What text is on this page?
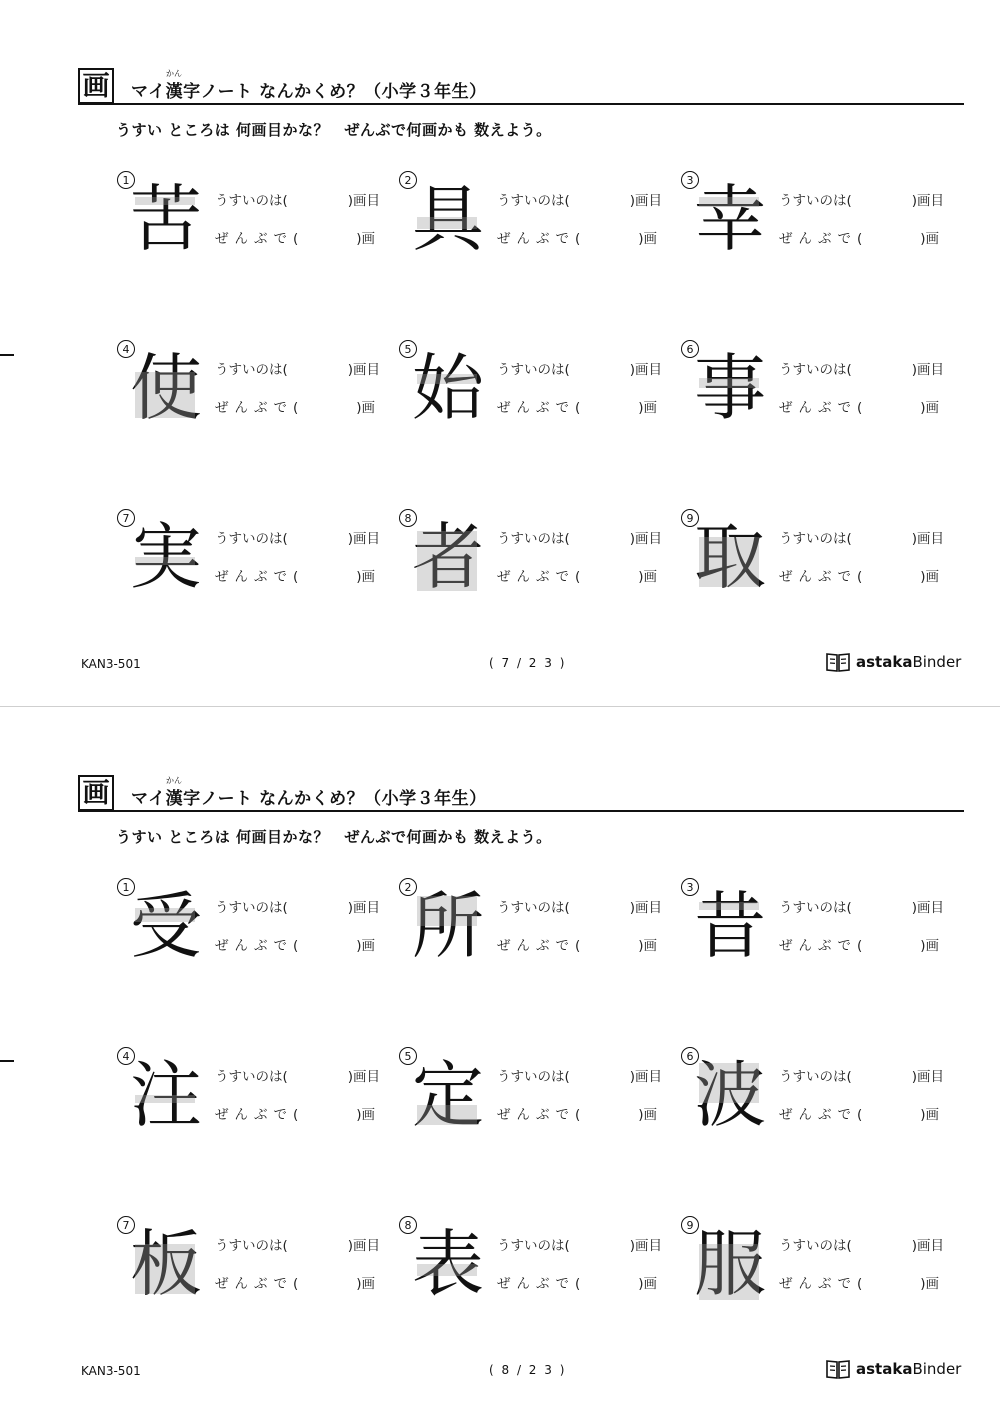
画	かん
マイ漢字ノート なんかくめ？（小学３年生）
うすい ところは 何画目かな？　ぜんぶで何画かも 数えよう。
KAN3-501	( 7 / 2 3 )	astakaBinder
1 苦 うすいのは(	)画目
ぜんぶで(	)画
2 具 うすいのは(	)画目
ぜんぶで(	)画
3 幸 うすいのは(	)画目
ぜんぶで(	)画
4 使 うすいのは(	)画目
ぜんぶで(	)画
5 始 うすいのは(	)画目
ぜんぶで(	)画
6 事 うすいのは(	)画目
ぜんぶで(	)画
7 実 うすいのは(	)画目
ぜんぶで(	)画
8 者 うすいのは(	)画目
ぜんぶで(	)画
9 取 うすいのは(	)画目
ぜんぶで(	)画
画	かん
マイ漢字ノート なんかくめ？（小学３年生）
うすい ところは 何画目かな？　ぜんぶで何画かも 数えよう。
KAN3-501	( 8 / 2 3 )	astakaBinder
1 受 うすいのは(	)画目
ぜんぶで(	)画
2 所 うすいのは(	)画目
ぜんぶで(	)画
3 昔 うすいのは(	)画目
ぜんぶで(	)画
4 注 うすいのは(	)画目
ぜんぶで(	)画
5 定 うすいのは(	)画目
ぜんぶで(	)画
6 波 うすいのは(	)画目
ぜんぶで(	)画
7 板 うすいのは(	)画目
ぜんぶで(	)画
8 表 うすいのは(	)画目
ぜんぶで(	)画
9 服 うすいのは(	)画目
ぜんぶで(	)画
